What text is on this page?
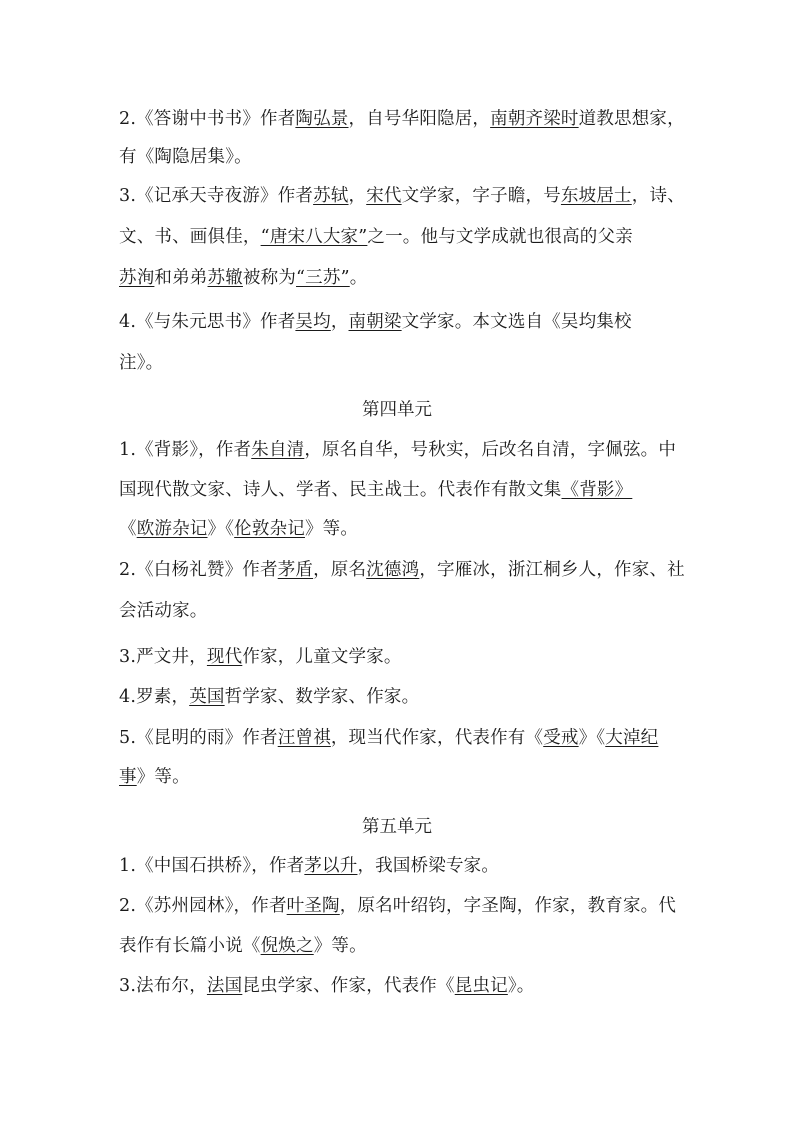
2.《答谢中书书》作者陶弘景，自号华阳隐居，南朝齐梁时道教思想家，
有《陶隐居集》。
3.《记承天寺夜游》作者苏轼，宋代文学家，字子瞻，号东坡居士，诗、
文、书、画俱佳，“唐宋八大家”之一。他与文学成就也很高的父亲
苏洵和弟弟苏辙被称为“三苏”。
4.《与朱元思书》作者吴均，南朝梁文学家。本文选自《吴均集校
注》。
第四单元
1.《背影》，作者朱自清，原名自华，号秋实，后改名自清，字佩弦。中
国现代散文家、诗人、学者、民主战士。代表作有散文集《背影》
《欧游杂记》《伦敦杂记》等。
2.《白杨礼赞》作者茅盾，原名沈德鸿，字雁冰，浙江桐乡人，作家、社
会活动家。
3.严文井，现代作家，儿童文学家。
4.罗素，英国哲学家、数学家、作家。
5.《昆明的雨》作者汪曾祺，现当代作家，代表作有《受戒》《大淖纪
事》等。
第五单元
1.《中国石拱桥》，作者茅以升，我国桥梁专家。
2.《苏州园林》，作者叶圣陶，原名叶绍钧，字圣陶，作家，教育家。代
表作有长篇小说《倪焕之》等。
3.法布尔，法国昆虫学家、作家，代表作《昆虫记》。
